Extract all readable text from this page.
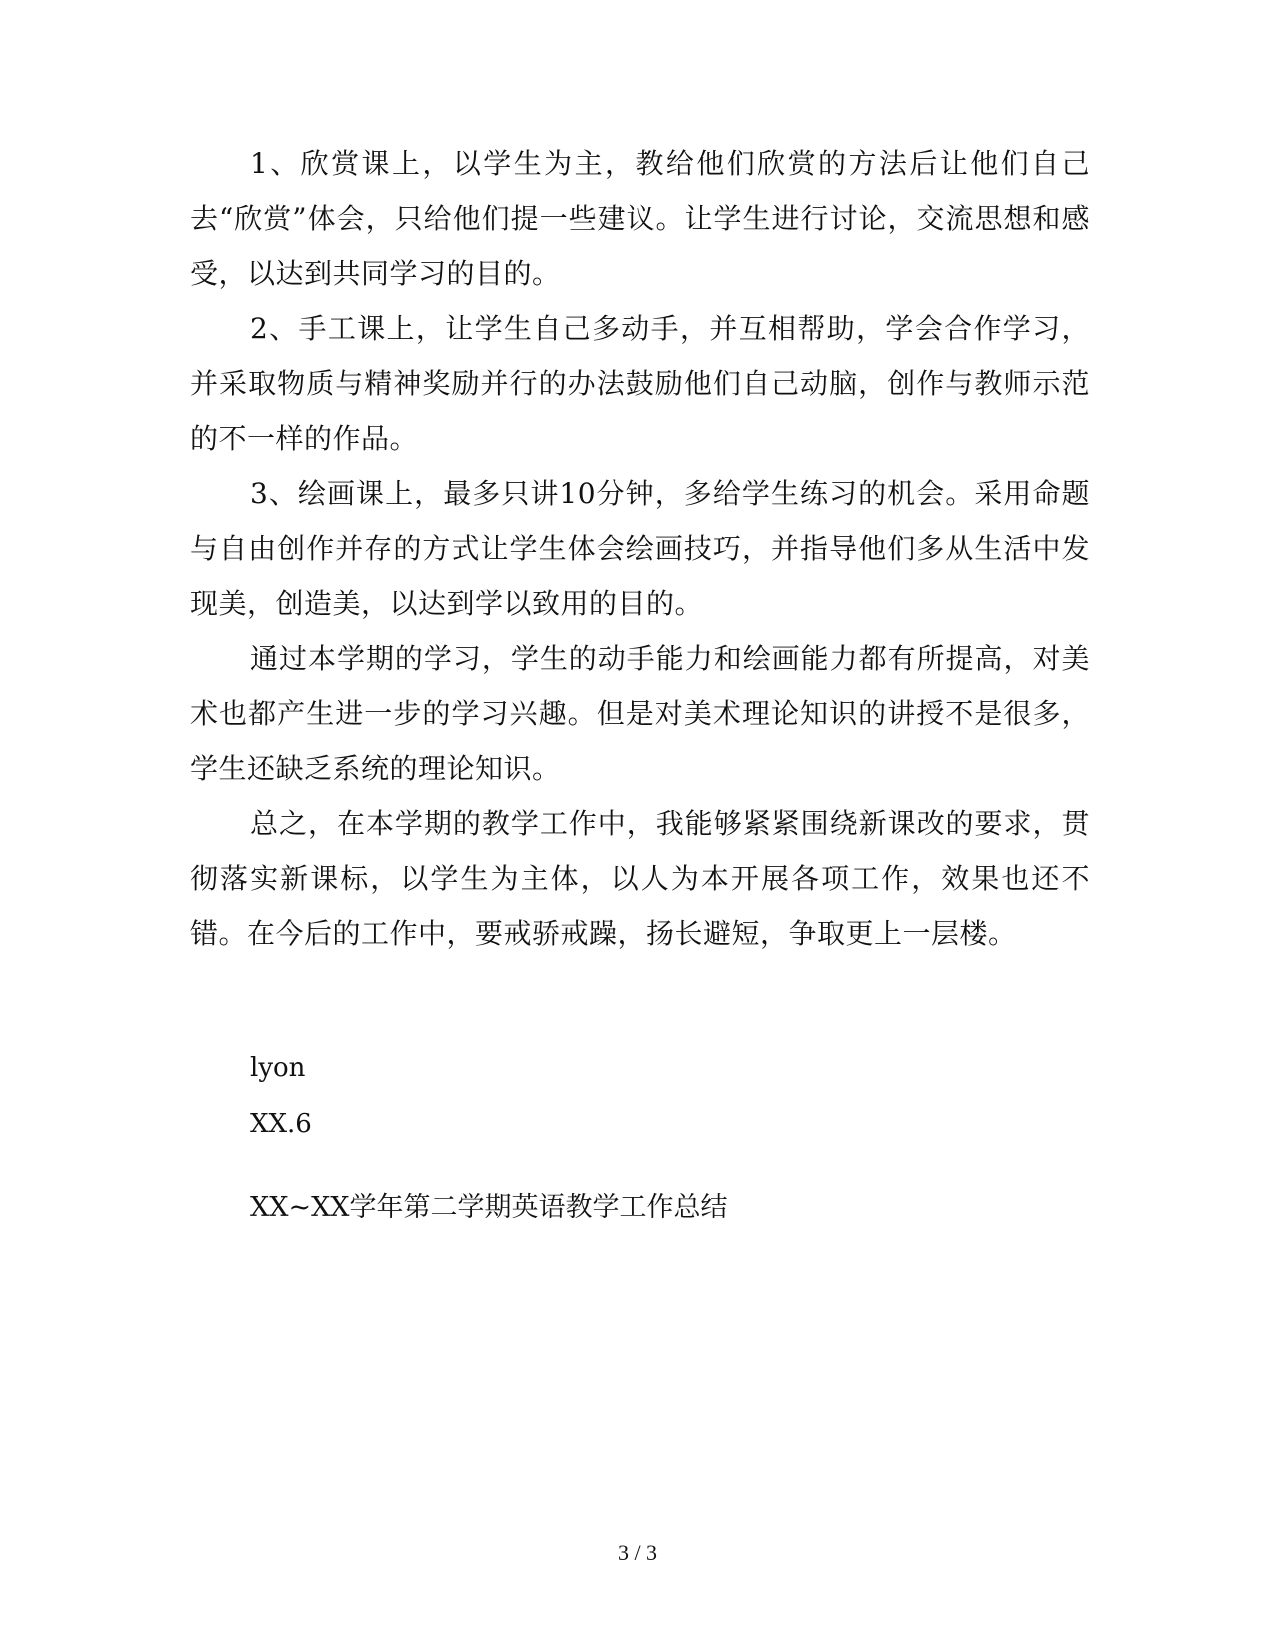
1、欣赏课上，以学生为主，教给他们欣赏的方法后让他们自己去“欣赏”体会，只给他们提一些建议。让学生进行讨论，交流思想和感受，以达到共同学习的目的。

2、手工课上，让学生自己多动手，并互相帮助，学会合作学习，并采取物质与精神奖励并行的办法鼓励他们自己动脑，创作与教师示范的不一样的作品。

3、绘画课上，最多只讲10分钟，多给学生练习的机会。采用命题与自由创作并存的方式让学生体会绘画技巧，并指导他们多从生活中发现美，创造美，以达到学以致用的目的。

通过本学期的学习，学生的动手能力和绘画能力都有所提高，对美术也都产生进一步的学习兴趣。但是对美术理论知识的讲授不是很多，学生还缺乏系统的理论知识。

总之，在本学期的教学工作中，我能够紧紧围绕新课改的要求，贯彻落实新课标，以学生为主体，以人为本开展各项工作，效果也还不错。在今后的工作中，要戒骄戒躁，扬长避短，争取更上一层楼。

lyon
XX.6
XX~XX学年第二学期英语教学工作总结
3 / 3
